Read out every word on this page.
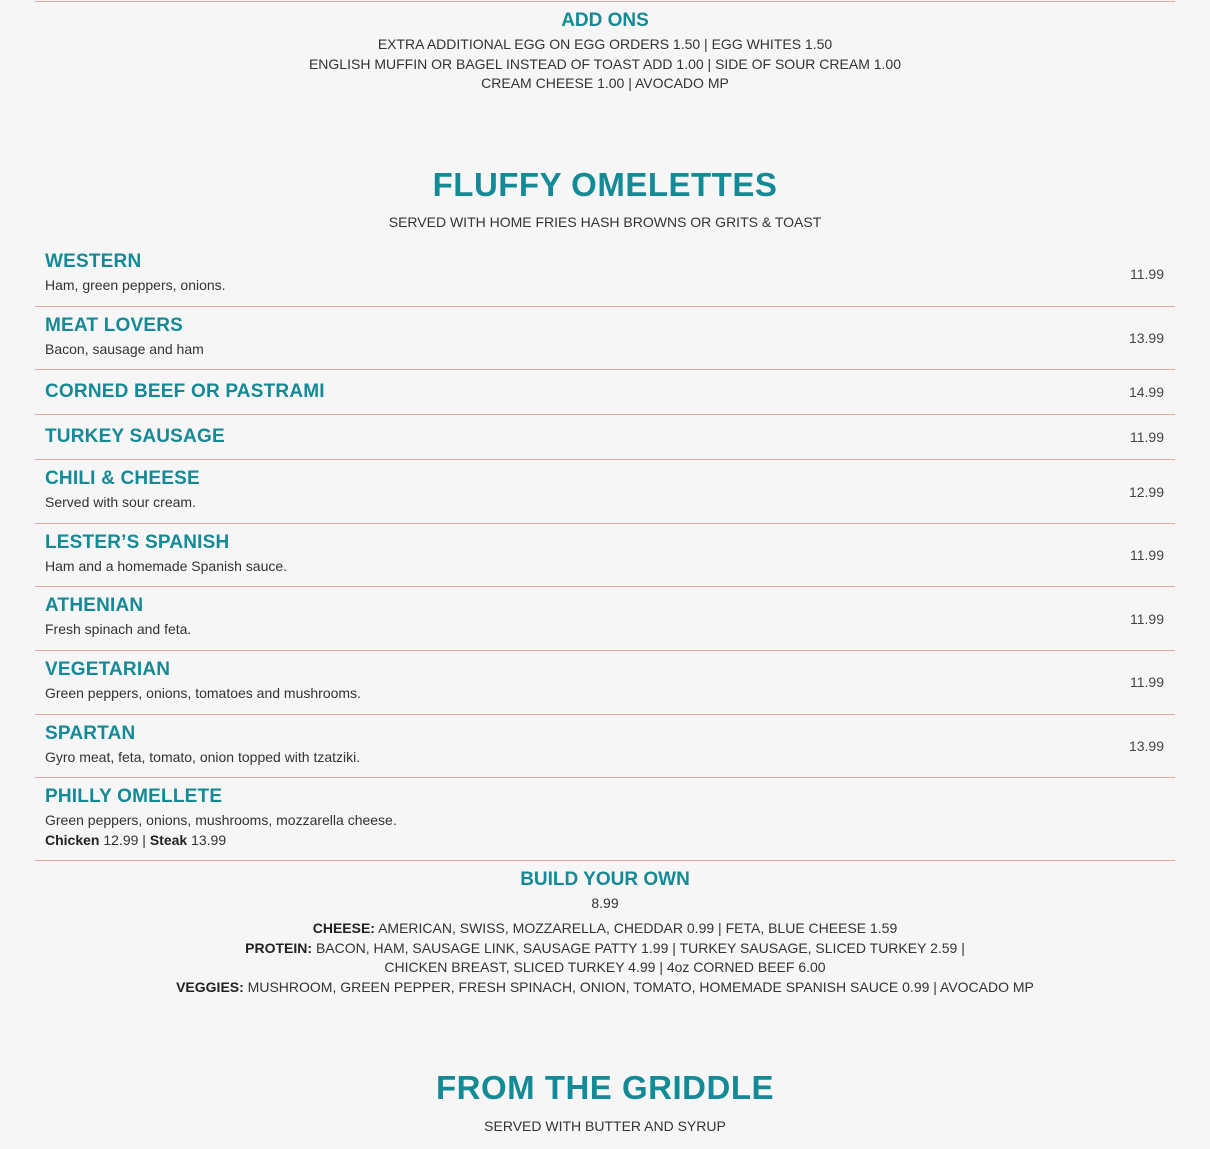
ADD ONS
EXTRA ADDITIONAL EGG ON EGG ORDERS 1.50 | EGG WHITES 1.50
ENGLISH MUFFIN OR BAGEL INSTEAD OF TOAST ADD 1.00 | SIDE OF SOUR CREAM 1.00
CREAM CHEESE 1.00 | AVOCADO MP
FLUFFY OMELETTES
SERVED WITH HOME FRIES HASH BROWNS OR GRITS & TOAST
WESTERN
Ham, green peppers, onions.
11.99
MEAT LOVERS
Bacon, sausage and ham
13.99
CORNED BEEF OR PASTRAMI	14.99
TURKEY SAUSAGE	11.99
CHILI & CHEESE
Served with sour cream.
12.99
LESTER’S SPANISH
Ham and a homemade Spanish sauce.
11.99
ATHENIAN
Fresh spinach and feta.
11.99
VEGETARIAN
Green peppers, onions, tomatoes and mushrooms.
11.99
SPARTAN
Gyro meat, feta, tomato, onion topped with tzatziki.
13.99
PHILLY OMELLETE
Green peppers, onions, mushrooms, mozzarella cheese.
Chicken 12.99 | Steak 13.99
BUILD YOUR OWN
8.99
CHEESE: AMERICAN, SWISS, MOZZARELLA, CHEDDAR 0.99 | FETA, BLUE CHEESE 1.59
PROTEIN: BACON, HAM, SAUSAGE LINK, SAUSAGE PATTY 1.99 | TURKEY SAUSAGE, SLICED TURKEY 2.59 |
CHICKEN BREAST, SLICED TURKEY 4.99 | 4oz CORNED BEEF 6.00
VEGGIES: MUSHROOM, GREEN PEPPER, FRESH SPINACH, ONION, TOMATO, HOMEMADE SPANISH SAUCE 0.99 | AVOCADO MP
FROM THE GRIDDLE
SERVED WITH BUTTER AND SYRUP
